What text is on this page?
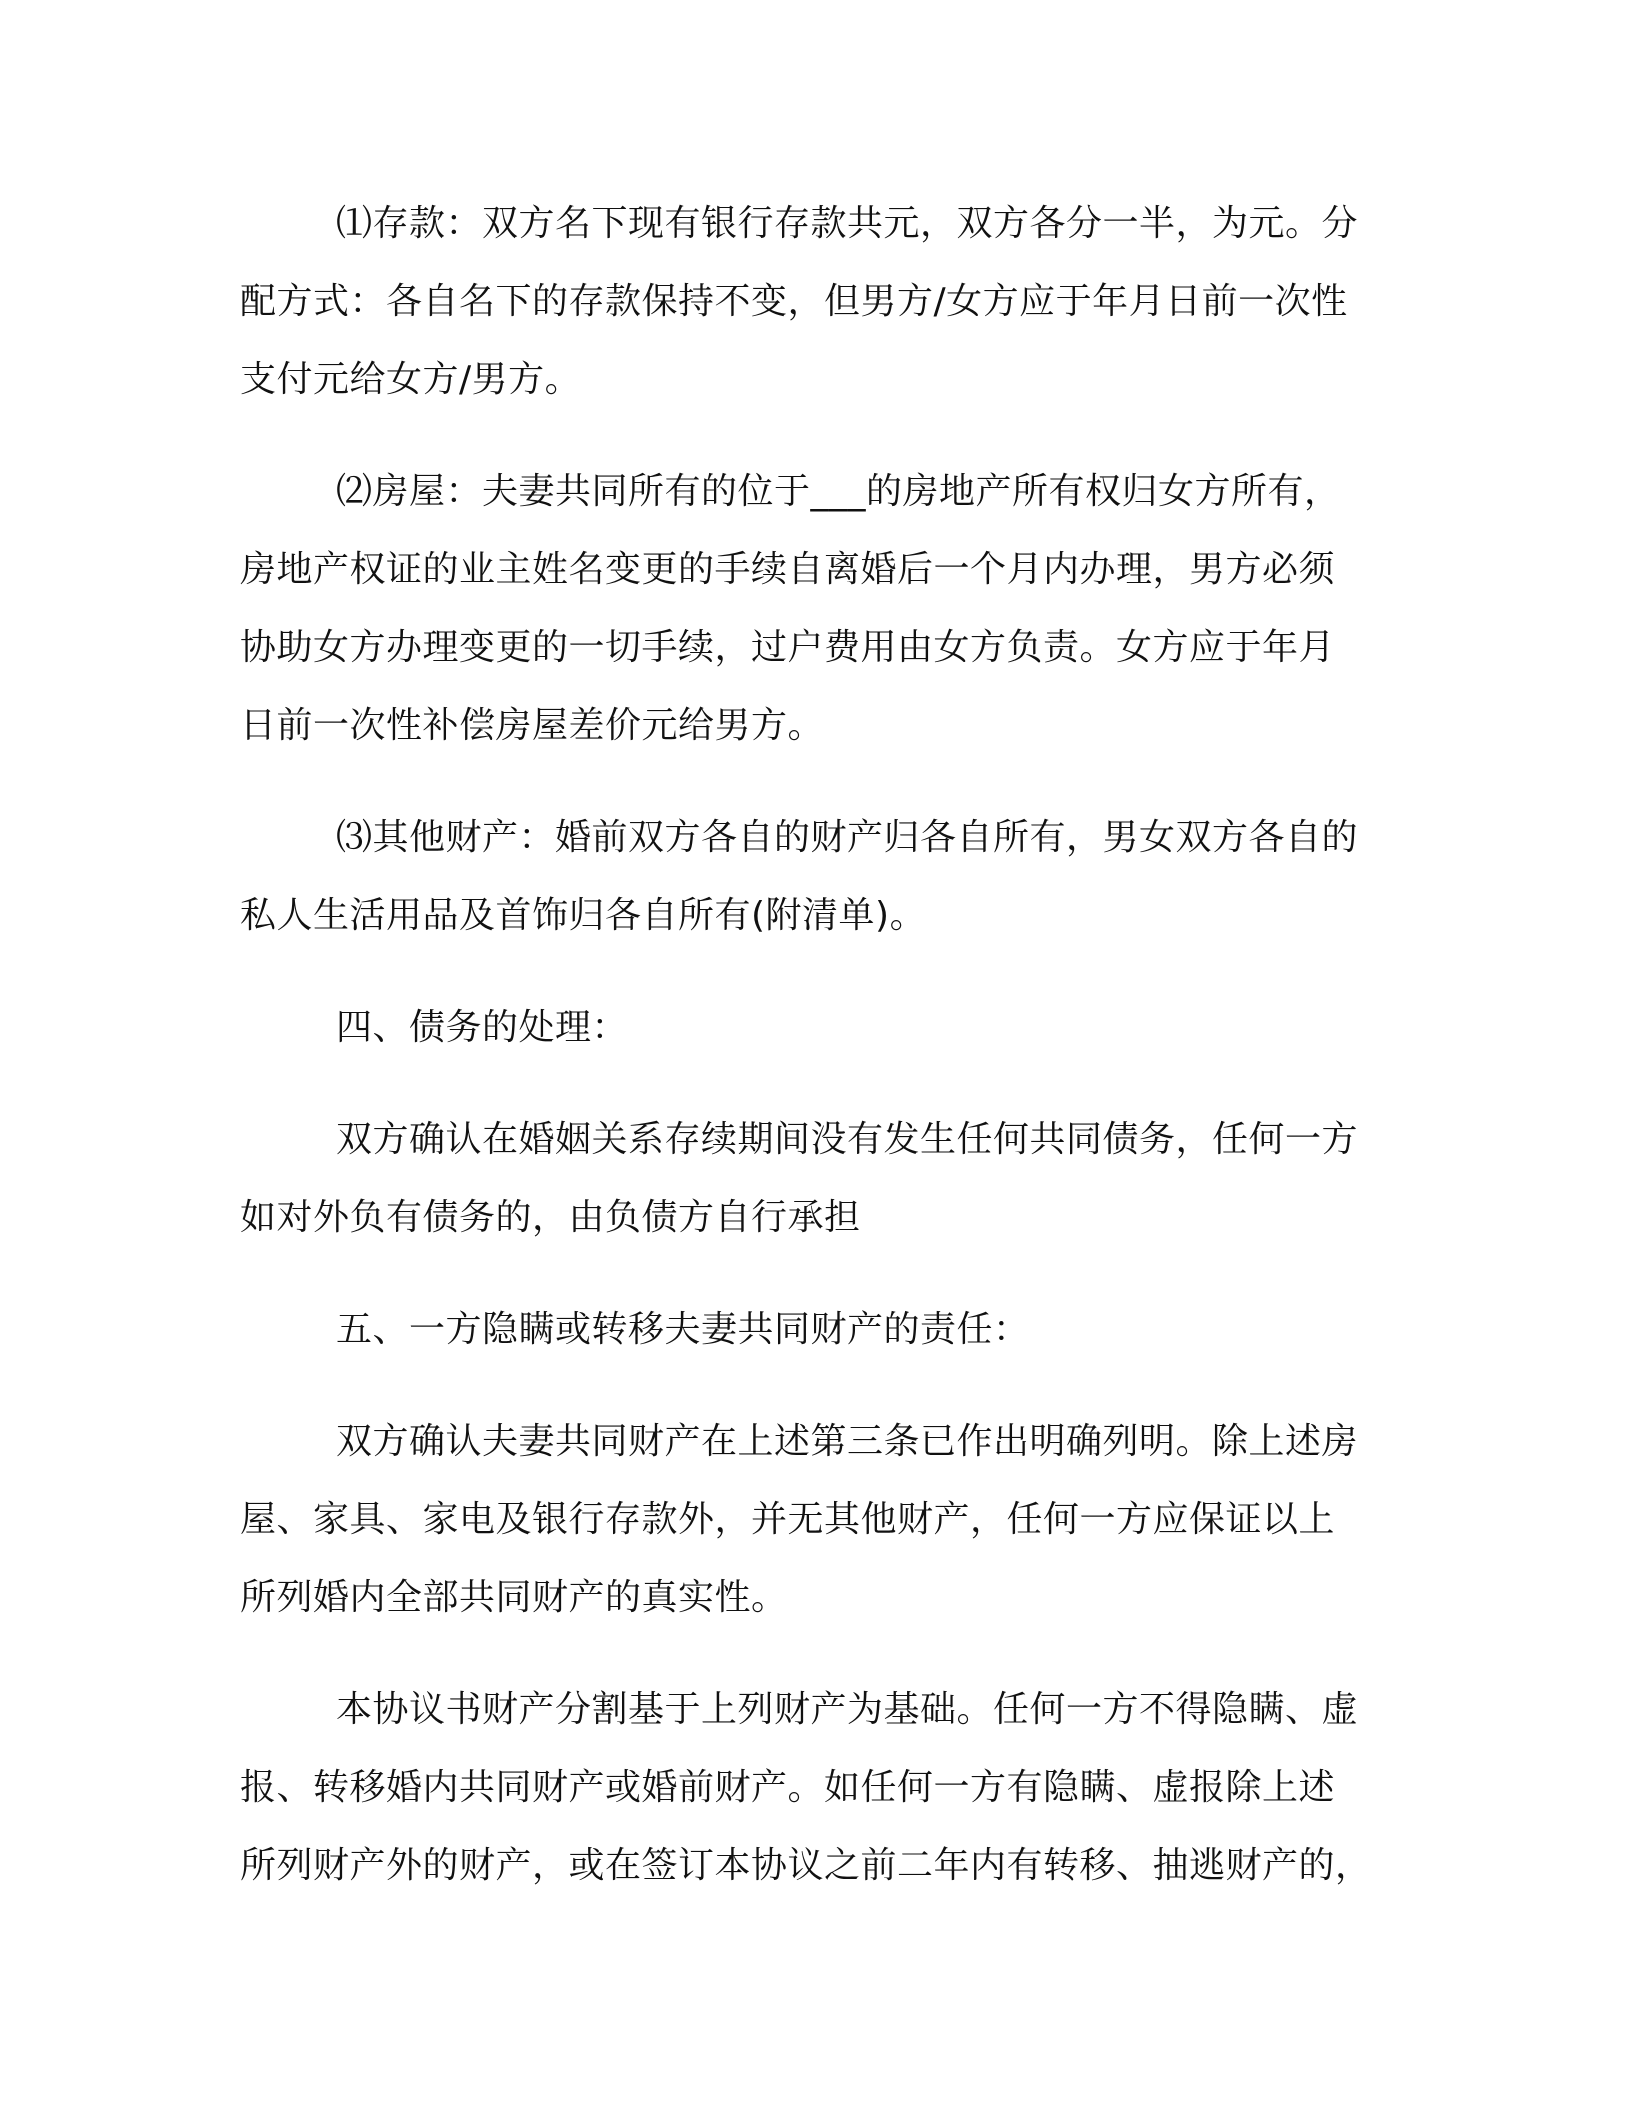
⑴存款：双方名下现有银行存款共元，双方各分一半，为元。分

配方式：各自名下的存款保持不变，但男方/女方应于年月日前一次性

支付元给女方/男方。

⑵房屋：夫妻共同所有的位于___的房地产所有权归女方所有，

房地产权证的业主姓名变更的手续自离婚后一个月内办理，男方必须

协助女方办理变更的一切手续，过户费用由女方负责。女方应于年月

日前一次性补偿房屋差价元给男方。

⑶其他财产：婚前双方各自的财产归各自所有，男女双方各自的

私人生活用品及首饰归各自所有(附清单)。

四、债务的处理：

双方确认在婚姻关系存续期间没有发生任何共同债务，任何一方

如对外负有债务的，由负债方自行承担

五、一方隐瞒或转移夫妻共同财产的责任：

双方确认夫妻共同财产在上述第三条已作出明确列明。除上述房

屋、家具、家电及银行存款外，并无其他财产，任何一方应保证以上

所列婚内全部共同财产的真实性。

本协议书财产分割基于上列财产为基础。任何一方不得隐瞒、虚

报、转移婚内共同财产或婚前财产。如任何一方有隐瞒、虚报除上述

所列财产外的财产，或在签订本协议之前二年内有转移、抽逃财产的，
